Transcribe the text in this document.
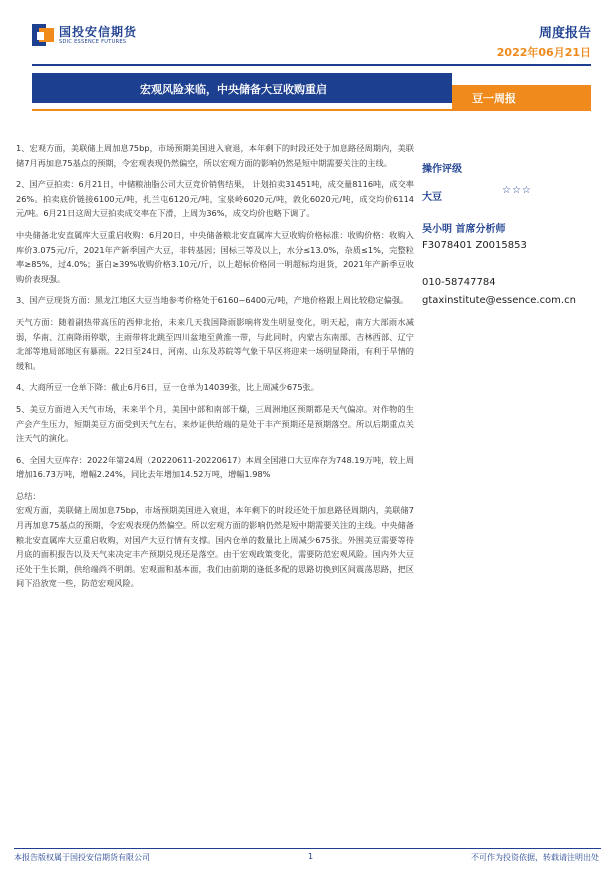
国投安信期货
SDIC ESSENCE FUTURES
周度报告
2022年06月21日
宏观风险来临，中央储备大豆收购重启
豆一周报

1、宏观方面，美联储上周加息75bp，市场预期美国进入衰退，本年剩下的时段还处于加息路径周期内，美联储7月再加息75基点的预期，令宏观表现仍然偏空，所以宏观方面的影响仍然是短中期需要关注的主线。

2、国产豆拍卖：6月21日，中储粮油脂公司大豆竞价销售结果， 计划拍卖31451吨，成交量8116吨，成交率26%。拍卖底价链接6100元/吨，扎兰屯6120元/吨，宝泉岭6020元/吨，敦化6020元/吨，成交均价6114元/吨。6月21日这周大豆拍卖成交率在下滑，上周为36%，成交均价也略下调了。

中央储备北安直属库大豆重启收购：6月20日，中央储备粮北安直属库大豆收购价格标准：收购价格：收购入库价3.075元/斤，2021年产新季国产大豆，非转基因；国标三等及以上，水分≤13.0%，杂质≤1%，完整粒率≥85%，过4.0%；蛋白≥39%收购价格3.10元/斤，以上超标价格同一明超标均退货，2021年产新季豆收购价表现强。

3、国产豆现货方面：黑龙江地区大豆当地参考价格处于6160~6400元/吨，产地价格跟上周比较稳定偏强。

天气方面：随着副热带高压的西伸北抬，未来几天我国降雨影响将发生明显变化，明天起，南方大部雨水减弱，华南、江南降雨停歇，主雨带将北跳至四川盆地至黄淮一带，与此同时，内蒙古东南部、吉林西部、辽宁北部等地局部地区有暴雨。22日至24日，河南、山东及苏皖等气象干旱区将迎来一场明显降雨，有利于旱情的缓和。

4、大商所豆一仓单下降：截止6月6日，豆一仓单为14039张，比上周减少675张。

5、美豆方面进入天气市场，未来半个月，美国中部和南部干燥，三周洲地区预期都是天气偏凉。对作物的生产会产生压力，短期美豆方面受到天气左右，来炒证供给端的是处于丰产预期还是预期落空。所以后期重点关注天气的演化。

6、全国大豆库存：2022年第24周（20220611-20220617）本周全国港口大豆库存为748.19万吨，较上周增加16.73万吨，增幅2.24%，同比去年增加14.52万吨，增幅1.98%

总结：

宏观方面，美联储上周加息75bp，市场预期美国进入衰退，本年剩下的时段还处于加息路径周期内，美联储7月再加息75基点的预期，令宏观表现仍然偏空。所以宏观方面的影响仍然是短中期需要关注的主线。中央储备粮北安直属库大豆重启收购，对国产大豆行情有支撑。国内仓单的数量比上周减少675张。外围美豆需要等待月底的面积报告以及天气来决定丰产预期兑现还是落空。由于宏观政策变化，需要防范宏观风险。国内外大豆还处于生长期，供给端尚不明朗。宏观面和基本面，我们由前期的逢低多配的思路切换到区间震荡思路，把区间下沿放宽一些，防范宏观风险。

操作评级
大豆
☆☆☆
吴小明 首席分析师
F3078401 Z0015853
010-58747784
gtaxinstitute@essence.com.cn
本报告版权属于国投安信期货有限公司	1	不可作为投资依据，转载请注明出处
